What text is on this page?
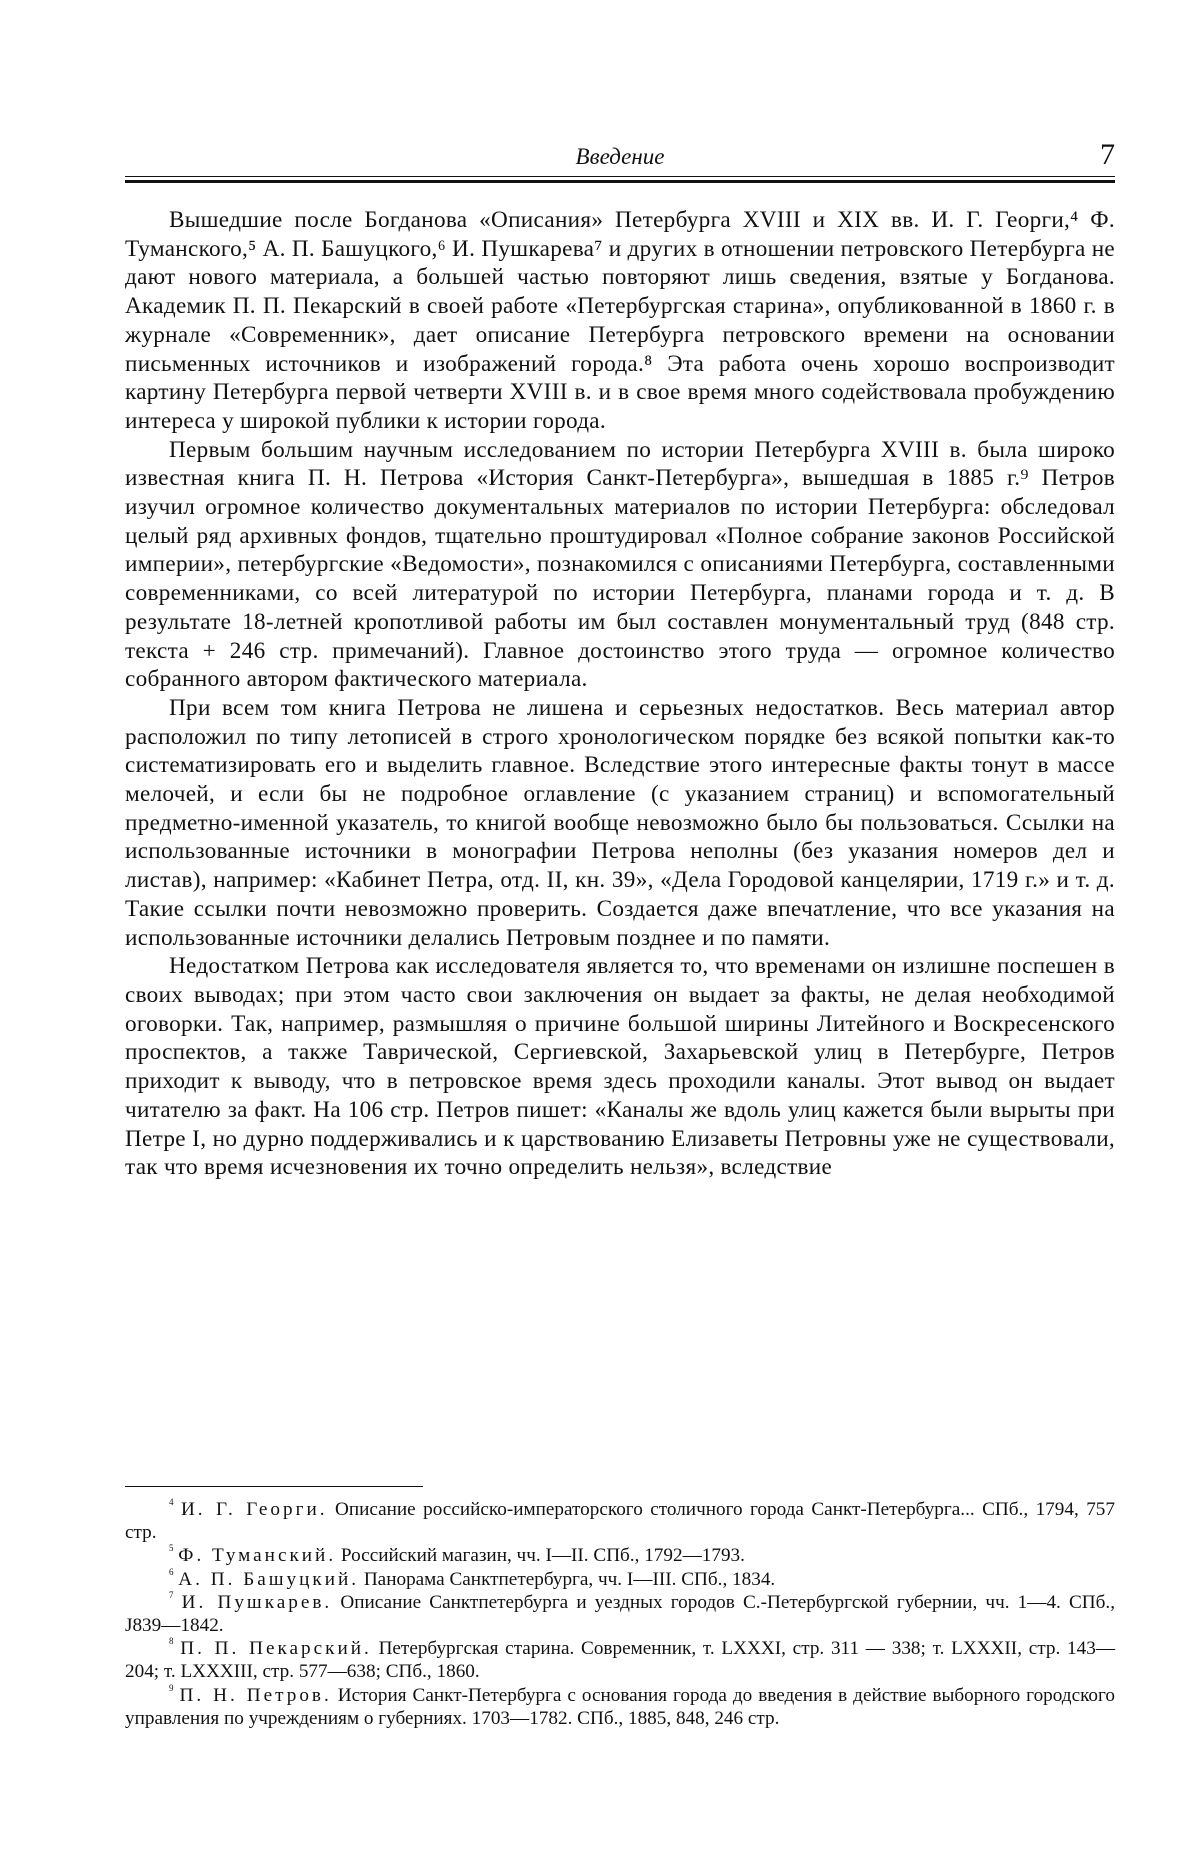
Введение	7

Вышедшие после Богданова «Описания» Петербурга XVIII и XIX вв. И. Г. Георги,⁴ Ф. Туманского,⁵ А. П. Башуцкого,⁶ И. Пушкарева⁷ и других в отношении петровского Петербурга не дают нового материала, а большей частью повторяют лишь сведения, взятые у Богданова. Академик П. П. Пекарский в своей работе «Петербургская старина», опубликованной в 1860 г. в журнале «Современник», дает описание Петербурга петровского времени на основании письменных источников и изображений города.⁸ Эта работа очень хорошо воспроизводит картину Петербурга первой четверти XVIII в. и в свое время много содействовала пробуждению интереса у широкой публики к истории города.

Первым большим научным исследованием по истории Петербурга XVIII в. была широко известная книга П. Н. Петрова «История Санкт-Петербурга», вышедшая в 1885 г.⁹ Петров изучил огромное количество документальных материалов по истории Петербурга: обследовал целый ряд архивных фондов, тщательно проштудировал «Полное собрание законов Российской империи», петербургские «Ведомости», познакомился с описаниями Петербурга, составленными современниками, со всей литературой по истории Петербурга, планами города и т. д. В результате 18-летней кропотливой работы им был составлен монументальный труд (848 стр. текста + 246 стр. примечаний). Главное достоинство этого труда — огромное количество собранного автором фактического материала.

При всем том книга Петрова не лишена и серьезных недостатков. Весь материал автор расположил по типу летописей в строго хронологическом порядке без всякой попытки как-то систематизировать его и выделить главное. Вследствие этого интересные факты тонут в массе мелочей, и если бы не подробное оглавление (с указанием страниц) и вспомогательный предметно-именной указатель, то книгой вообще невозможно было бы пользоваться. Ссылки на использованные источники в монографии Петрова неполны (без указания номеров дел и листав), например: «Кабинет Петра, отд. II, кн. 39», «Дела Городовой канцелярии, 1719 г.» и т. д. Такие ссылки почти невозможно проверить. Создается даже впечатление, что все указания на использованные источники делались Петровым позднее и по памяти.

Недостатком Петрова как исследователя является то, что временами он излишне поспешен в своих выводах; при этом часто свои заключения он выдает за факты, не делая необходимой оговорки. Так, например, размышляя о причине большой ширины Литейного и Воскресенского проспектов, а также Таврической, Сергиевской, Захарьевской улиц в Петербурге, Петров приходит к выводу, что в петровское время здесь проходили каналы. Этот вывод он выдает читателю за факт. На 106 стр. Петров пишет: «Каналы же вдоль улиц кажется были вырыты при Петре I, но дурно поддерживались и к царствованию Елизаветы Петровны уже не существовали, так что время исчезновения их точно определить нельзя», вследствие

$^4$ И. Г. Георги. Описание российско-императорского столичного города Санкт-Петербурга... СПб., 1794, 757 стр.

$^5$ Ф. Туманский. Российский магазин, чч. I—II. СПб., 1792—1793.

$^6$ А. П. Башуцкий. Панорама Санктпетербурга, чч. I—III. СПб., 1834.

$^7$ И. Пушкарев. Описание Санктпетербурга и уездных городов С.-Петербургской губернии, чч. 1—4. СПб., J839—1842.

$^8$ П. П. Пекарский. Петербургская старина. Современник, т. LXXXI, стр. 311 — 338; т. LXXXII, стр. 143—204; т. LXXXIII, стр. 577—638; СПб., 1860.

$^9$ П. Н. Петров. История Санкт-Петербурга с основания города до введения в действие выборного городского управления по учреждениям о губерниях. 1703—1782. СПб., 1885, 848, 246 стр.
